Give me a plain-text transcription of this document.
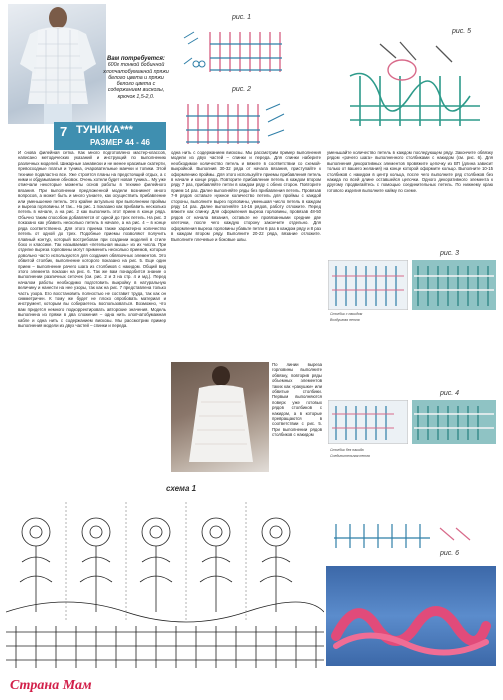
Вам потребуется:
600г тонкой бобинной хлопчатобумажной пряжи белого цвета и пряжи белого цвета с содержанием вискозы, крючок 1,5-2,0.
7 ТУНИКА***
РАЗМЕР 44 - 46
рис. 1
рис. 2
рис. 5
И снова филейная сетка. Как много подготовлено мастер-классов, написано методических указаний и инструкций по выполнению различных моделей. Шикарные занавески и не менее красивые скатерти, превосходные платья и туника, очаровательные маечки и топики. Этой технике подвластно все. Уже строятся планы на предстоящий отдых, а с ними и обдумывание обновок. Очень хотели будет новая туника... Му уже отмечали некоторые моменты основ работы в технике филейного вязания. При выполнении предложенной модели возникнет много вопросов, а может быть и много узнаете, как осуществить прибавление или уменьшение петель. Это крайне актуально при выполнении проймы и выреза горловины. И так... На рис. 1 показано как прибавить несколько петель в начале, а на рис. 2 как выполнить этот прием в конце ряда. Обычно таким способом добавляется от одной до трех петель. На рис. 3 показано как убавить несколько петель в начале, а на рис. 4 – в конце ряда соответственно. Для этого приема также характерно количество петель от одной до трех. Подобные приемы позволяют получить плавный контур, который востребован при создании моделей в стиле бохо и классике. Так называемая «петельная мышь» из их числа. При отделке выреза горловины могут применить несколько приемов, которые довольно часто используются для создания обвязочных элементов. Это обвитой столбик, выполнение которого показано на рис. 5. Еще один прием – выполнение рачего шага из столбиков с накидом. Общий вид этого элемента показан на рис. 6. Так же вам понадобится знание о выполнении различных сеточек (см. рис. 2 и 3 на стр. 4 и мд.). Перед началом работы необходимо подготовить выкройку в натуральную величину и нанести на нее узоры, так как на рис. 7 представлена только часть узора. Его восстановить полностью не составит труда, так как он симметричен. К тому же будет не плохо опробовать материал и инструмент, которым вы собираетесь воспользоваться. Возможно, что вам придется немного подкорректировать авторские значения. Модель выполнена из пряжи в два сложения – одна нить хлопчатобумажная кабле и одна нить с содержанием вискозы. Мы рассмотрим пример выполнения модели из двух частей – спинки и переда.
одна нить с содержанием вискозы. Мы рассмотрим пример выполнения модели из двух частей – спинки и переда. Для спинки наберите необходимое количество петель и вяжите в соответствии со схемой-выкройкой. Выполнив 30-32 ряда от начала вязания, приступайте к оформлению проймы. Для этого используйте приемы прибавления петель в начале и конце ряда. Повторите прибавление петель в каждом втором ряду 7 раз, прибавляйте петли в каждом ряду с обеих сторон. Повторите прием 14 раз. Далее выполняйте ряды без прибавления петель. Провязав 7-9 рядов оставьте нужное количество петель для проймы с каждой стороны, выполните вырез горловины, уменьшая число петель в каждом ряду 14 раз. Далее выполняйте 14-16 рядов, работу отложите. Перед вяжите как спинку. Для оформления выреза горловины, провязав 48-50 рядов от начала вязания, оставьте не провязанными средние две клеточки, после чего каждую сторону закончите отдельно. Для оформления выреза горловины убавьте петли 6 раз в каждом ряду и 8 раз в каждом втором ряду. Выполните 20-22 ряда, вязание отложите. Выполните плечевые и боковые швы.
По линии выреза горловины выполните обвязку, повторив ряды объемных элементов таких как «ракушки» или обвитые столбики. Первым выполняются поверх уже готовых рядов столбиков с накидом, а в которые превращаются в соответствии с рис. 5. При выполнении рядов столбиков с накидом
уменьшайте количество петель в каждом последующем ряду. Закончите обвязку рядом «рачего шага» выполненного столбиками с накидом (см. рис. 6). Для выполнения декоративных элементов провяжите цепочку из ВП (длина зависит только от вашего желания) на конце которой оформите кольцо. Выполните 10-15 столбиков с накидом в центр кольца, после чего выполните ряд столбиков без накида по всей длине оставшейся цепочки. Одного декоративного элемента к другому продвигайтесь с помощью соединительных петель. По нижнему краю готового изделия выполните кайму по схеме.
рис. 3
Столбик с накидом
Воздушная петля
рис. 4
Столбик без накида
Соединительная петля
рис. 6
схема 1
Страна Мам
